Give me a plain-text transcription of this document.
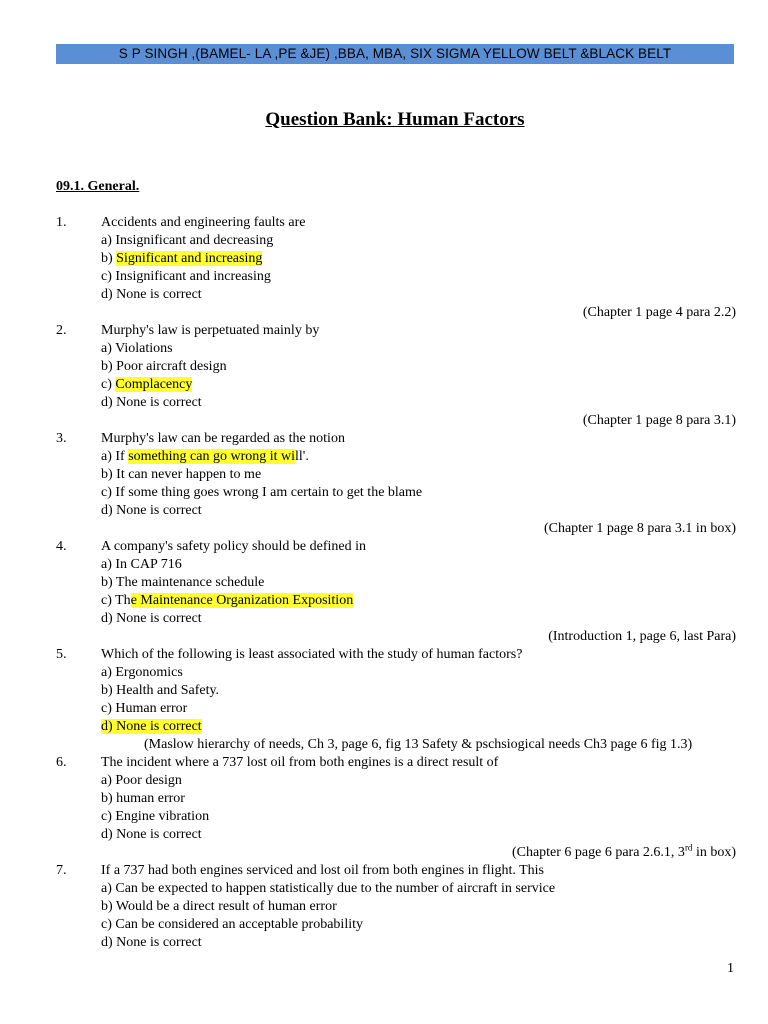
S P SINGH ,(BAMEL- LA ,PE &JE) ,BBA, MBA, SIX SIGMA YELLOW BELT &BLACK BELT
Question Bank: Human Factors
09.1. General.
1. Accidents and engineering faults are
a) Insignificant and decreasing
b) Significant and increasing
c) Insignificant and increasing
d) None is correct
(Chapter 1 page 4 para 2.2)
2. Murphy's law is perpetuated mainly by
a) Violations
b) Poor aircraft design
c) Complacency
d) None is correct
(Chapter 1 page 8 para 3.1)
3. Murphy's law can be regarded as the notion
a) If something can go wrong it will'.
b) It can never happen to me
c) If some thing goes wrong I am certain to get the blame
d) None is correct
(Chapter 1 page 8 para 3.1 in box)
4. A company's safety policy should be defined in
a) In CAP 716
b) The maintenance schedule
c) The Maintenance Organization Exposition
d) None is correct
(Introduction 1, page 6, last Para)
5. Which of the following is least associated with the study of human factors?
a) Ergonomics
b) Health and Safety.
c) Human error
d) None is correct
(Maslow hierarchy of needs, Ch 3, page 6, fig 13 Safety & pschsiogical needs Ch3 page 6 fig 1.3)
6. The incident where a 737 lost oil from both engines is a direct result of
a) Poor design
b) human error
c) Engine vibration
d) None is correct
(Chapter 6 page 6 para 2.6.1, 3rd in box)
7. If a 737 had both engines serviced and lost oil from both engines in flight. This
a) Can be expected to happen statistically due to the number of aircraft in service
b) Would be a direct result of human error
c) Can be considered an acceptable probability
d) None is correct
1
